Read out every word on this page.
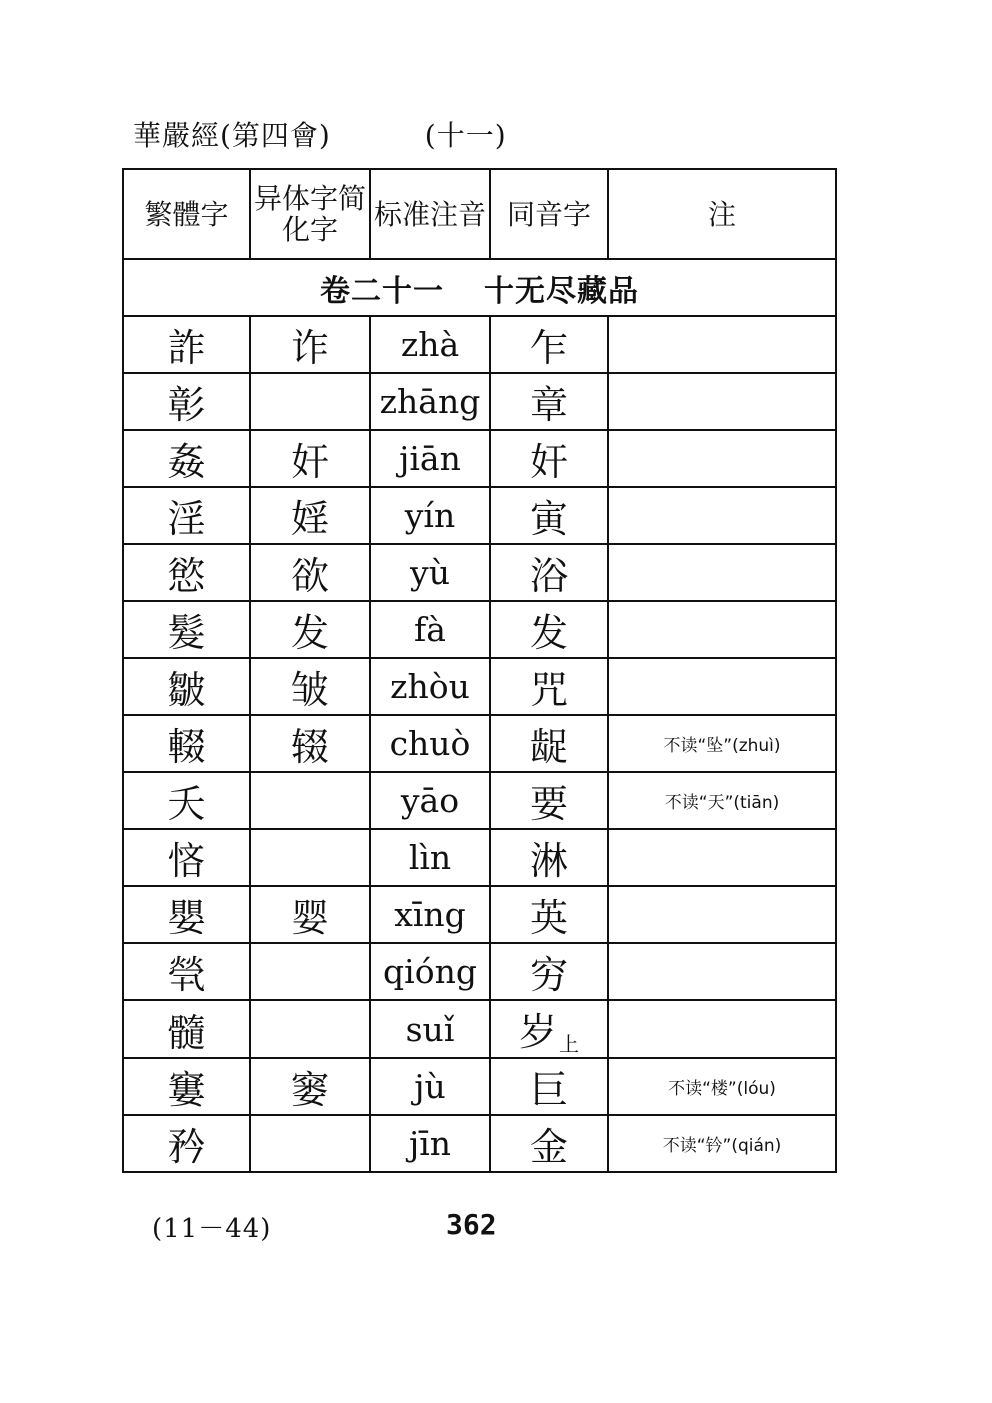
華嚴經(第四會)	(十一)
繁體字	异体字简化字	标准注音	同音字	注
卷二十一 十无尽藏品				
詐	诈	zhà	乍	
彰		zhāng	章	
姦	奸	jiān	奸	
淫	婬	yín	寅	
慾	欲	yù	浴	
髮	发	fà	发	
皺	皱	zhòu	咒	
輟	辍	chuò	龊	不读“坠”(zhuì)
夭		yāo	要	不读“天”(tiān)
悋		lìn	淋	
嬰	婴	xīng	英	
煢		qióng	穷	
髓		suǐ	岁 上	
窶	窭	jù	巨	不读“楼”(lóu)
矜		jīn	金	不读“钤”(qián)
(11－44)	362
